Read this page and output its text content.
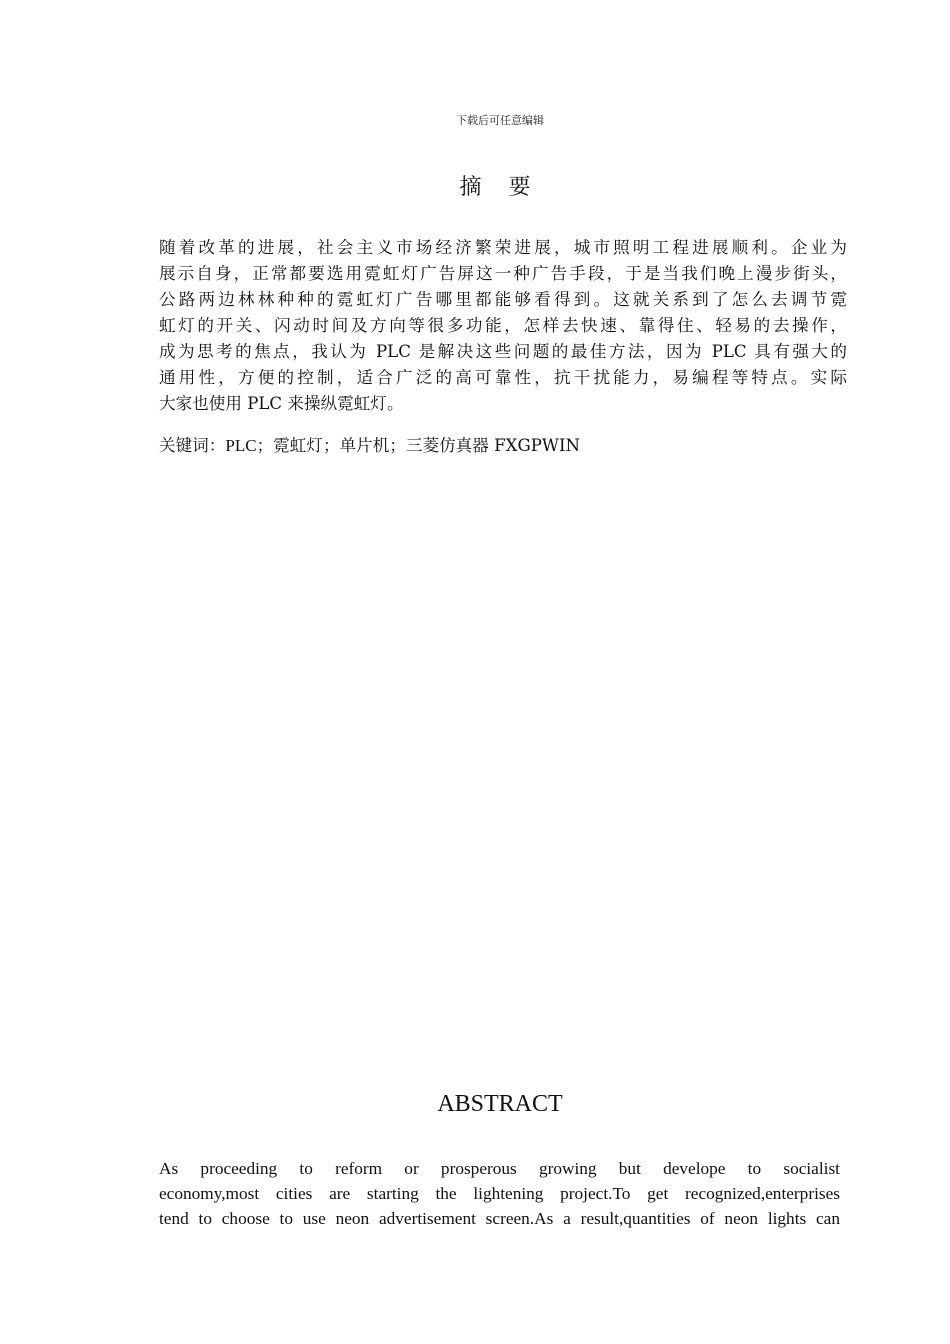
下载后可任意编辑
摘 要
随着改革的进展，社会主义市场经济繁荣进展，城市照明工程进展顺利。企业为
展示自身，正常都要选用霓虹灯广告屏这一种广告手段，于是当我们晚上漫步街头，
公路两边林林种种的霓虹灯广告哪里都能够看得到。这就关系到了怎么去调节霓
虹灯的开关、闪动时间及方向等很多功能，怎样去快速、靠得住、轻易的去操作，
成为思考的焦点，我认为 PLC 是解决这些问题的最佳方法，因为 PLC 具有强大的
通用性，方便的控制，适合广泛的高可靠性，抗干扰能力，易编程等特点。实际
大家也使用 PLC 来操纵霓虹灯。
关键词：PLC；霓虹灯；单片机；三菱仿真器 FXGPWIN
ABSTRACT
As proceeding to reform or prosperous growing but develope to socialist
economy,most cities are starting the lightening project.To get recognized,enterprises
tend to choose to use neon advertisement screen.As a result,quantities of neon lights can
